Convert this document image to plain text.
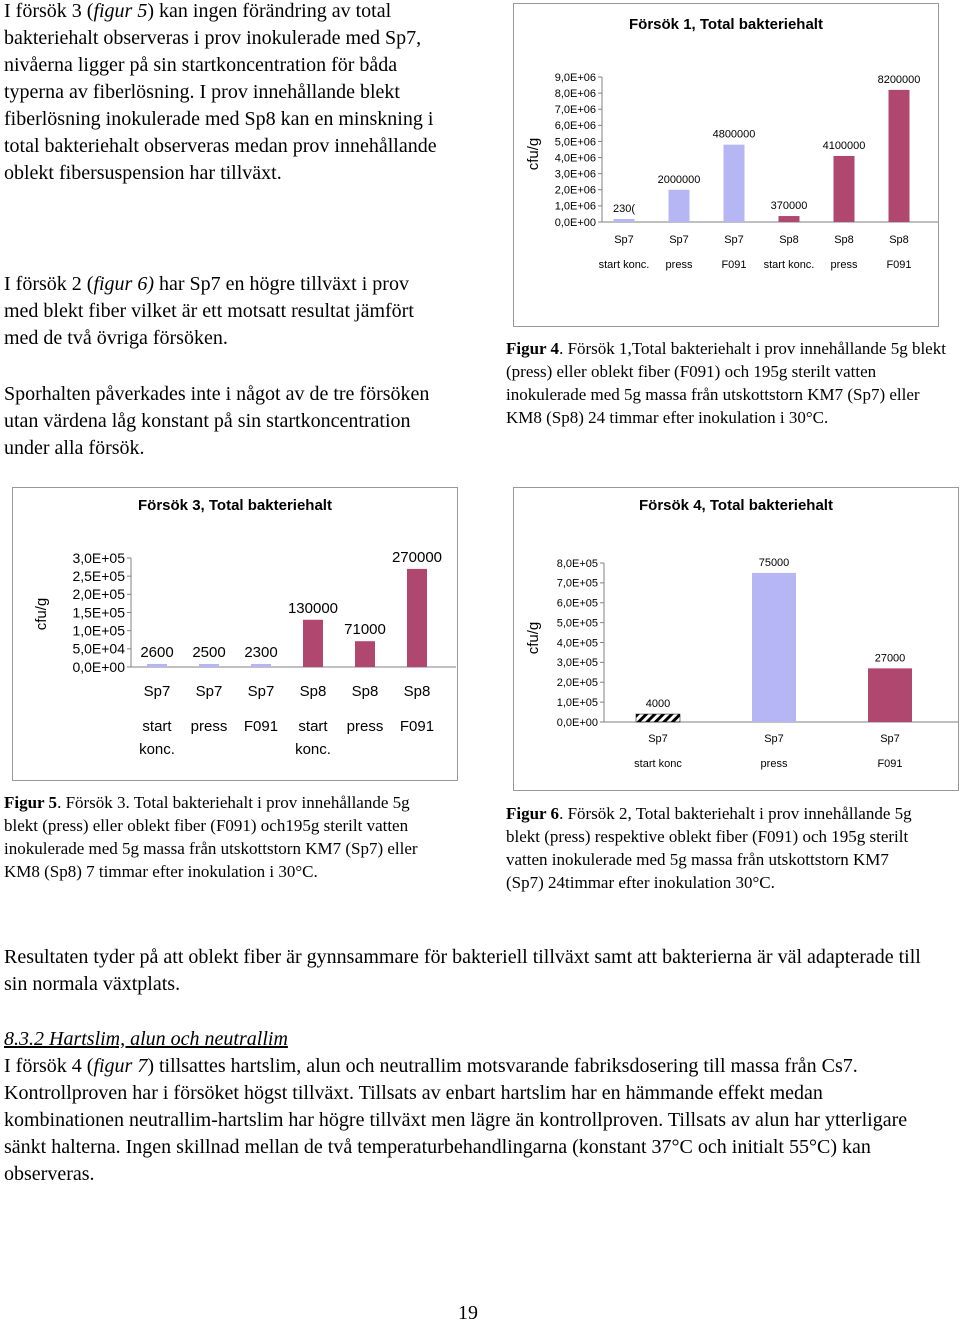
I försök 3 (figur 5) kan ingen förändring av total bakteriehalt observeras i prov inokulerade med Sp7, nivåerna ligger på sin startkoncentration för båda typerna av fiberlösning. I prov innehållande blekt fiberlösning inokulerade med Sp8 kan en minskning i total bakteriehalt observeras medan prov innehållande oblekt fibersuspension har tillväxt.
I försök 2 (figur 6) har Sp7 en högre tillväxt i prov med blekt fiber vilket är ett motsatt resultat jämfört med de två övriga försöken.
Sporhalten påverkades inte i något av de tre försöken utan värdena låg konstant på sin startkoncentration under alla försök.
Försök 1, Total bakteriehalt
cfu/g
0,0E+00
1,0E+06
2,0E+06
3,0E+06
4,0E+06
5,0E+06
6,0E+06
7,0E+06
8,0E+06
9,0E+06
230(
Sp7
start konc.
2000000
Sp7
press
4800000
Sp7
F091
370000
Sp8
start konc.
4100000
Sp8
press
8200000
Sp8
F091
Figur 4. Försök 1,Total bakteriehalt i prov innehållande 5g blekt (press) eller oblekt fiber (F091) och 195g sterilt vatten inokulerade med 5g massa från utskottstorn KM7 (Sp7) eller KM8 (Sp8) 24 timmar efter inokulation i 30°C.
Försök 3, Total bakteriehalt
cfu/g
0,0E+00
5,0E+04
1,0E+05
1,5E+05
2,0E+05
2,5E+05
3,0E+05
2600
Sp7
start
konc.
2500
Sp7
press
2300
Sp7
F091
130000
Sp8
start
konc.
71000
Sp8
press
270000
Sp8
F091
Försök 4, Total bakteriehalt
cfu/g
0,0E+00
1,0E+05
2,0E+05
3,0E+05
4,0E+05
5,0E+05
6,0E+05
7,0E+05
8,0E+05
4000
Sp7
start konc
75000
Sp7
press
27000
Sp7
F091
Figur 5. Försök 3. Total bakteriehalt i prov innehållande 5g blekt (press) eller oblekt fiber (F091) och195g sterilt vatten inokulerade med 5g massa från utskottstorn KM7 (Sp7) eller KM8 (Sp8) 7 timmar efter inokulation i 30°C.
Figur 6. Försök 2, Total bakteriehalt i prov innehållande 5g blekt (press) respektive oblekt fiber (F091) och 195g sterilt vatten inokulerade med 5g massa från utskottstorn KM7 (Sp7) 24timmar efter inokulation 30°C.
Resultaten tyder på att oblekt fiber är gynnsammare för bakteriell tillväxt samt att bakterierna är väl adapterade till sin normala växtplats.
8.3.2 Hartslim, alun och neutrallim
I försök 4 (figur 7) tillsattes hartslim, alun och neutrallim motsvarande fabriksdosering till massa från Cs7. Kontrollproven har i försöket högst tillväxt. Tillsats av enbart hartslim har en hämmande effekt medan kombinationen neutrallim-hartslim har högre tillväxt men lägre än kontrollproven. Tillsats av alun har ytterligare sänkt halterna. Ingen skillnad mellan de två temperaturbehandlingarna (konstant 37°C och initialt 55°C) kan observeras.
19
